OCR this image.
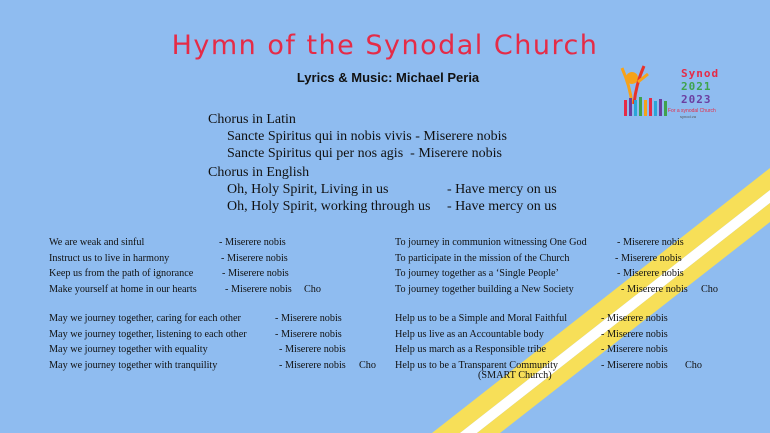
Hymn of the Synodal Church
Lyrics & Music: Michael Peria	Synod
2021
2023
For a synodal Church
synod.va
Chorus in Latin
Sancte Spiritus qui in nobis vivis - Miserere nobis
Sancte Spiritus qui per nos agis  - Miserere nobis
Chorus in English
Oh, Holy Spirit, Living in us	- Have mercy on us
Oh, Holy Spirit, working through us - Have mercy on us
We are weak and sinful	- Miserere nobis
Instruct us to live in harmony	- Miserere nobis
Keep us from the path of ignorance	- Miserere nobis
Make yourself at home in our hearts	- Miserere nobis Cho
To journey in communion witnessing One God	- Miserere nobis
To participate in the mission of the Church	- Miserere nobis
To journey together as a ‘Single People’	- Miserere nobis
To journey together building a New Society	- Miserere nobis Cho
May we journey together, caring for each other	- Miserere nobis
May we journey together, listening to each other	- Miserere nobis
May we journey together with equality	- Miserere nobis
May we journey together with tranquility	- Miserere nobis Cho
Help us to be a Simple and Moral Faithful	- Miserere nobis
Help us live as an Accountable body	- Miserere nobis
Help us march as a Responsible tribe	- Miserere nobis
Help us to be a Transparent Community	- Miserere nobis Cho
(SMART Church)
